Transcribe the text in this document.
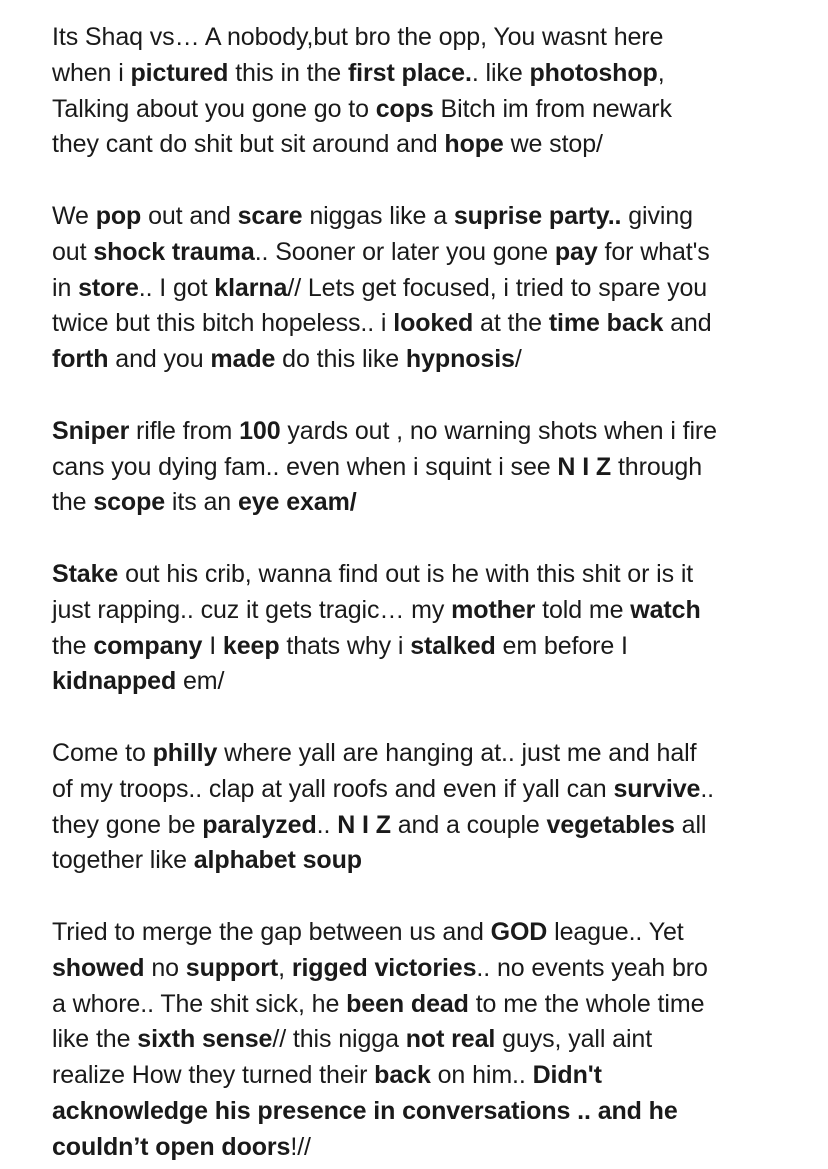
Its Shaq vs… A nobody,but bro the opp, You wasnt here
when i pictured this in the first place.. like photoshop,
Talking about you gone go to cops Bitch im from newark
they cant do shit but sit around and hope we stop/
We pop out and scare niggas like a suprise party.. giving
out shock trauma.. Sooner or later you gone pay for what's
in store.. I got klarna// Lets get focused, i tried to spare you
twice but this bitch hopeless.. i looked at the time back and
forth and you made do this like hypnosis/
Sniper rifle from 100 yards out , no warning shots when i fire
cans you dying fam.. even when i squint i see N I Z through
the scope its an eye exam/
Stake out his crib, wanna find out is he with this shit or is it
just rapping.. cuz it gets tragic… my mother told me watch
the company I keep thats why i stalked em before I
kidnapped em/
Come to philly where yall are hanging at.. just me and half
of my troops.. clap at yall roofs and even if yall can survive..
they gone be paralyzed.. N I Z and a couple vegetables all
together like alphabet soup
Tried to merge the gap between us and GOD league.. Yet
showed no support, rigged victories.. no events yeah bro
a whore.. The shit sick, he been dead to me the whole time
like the sixth sense// this nigga not real guys, yall aint
realize How they turned their back on him.. Didn't
acknowledge his presence in conversations .. and he
couldn’t open doors!//
